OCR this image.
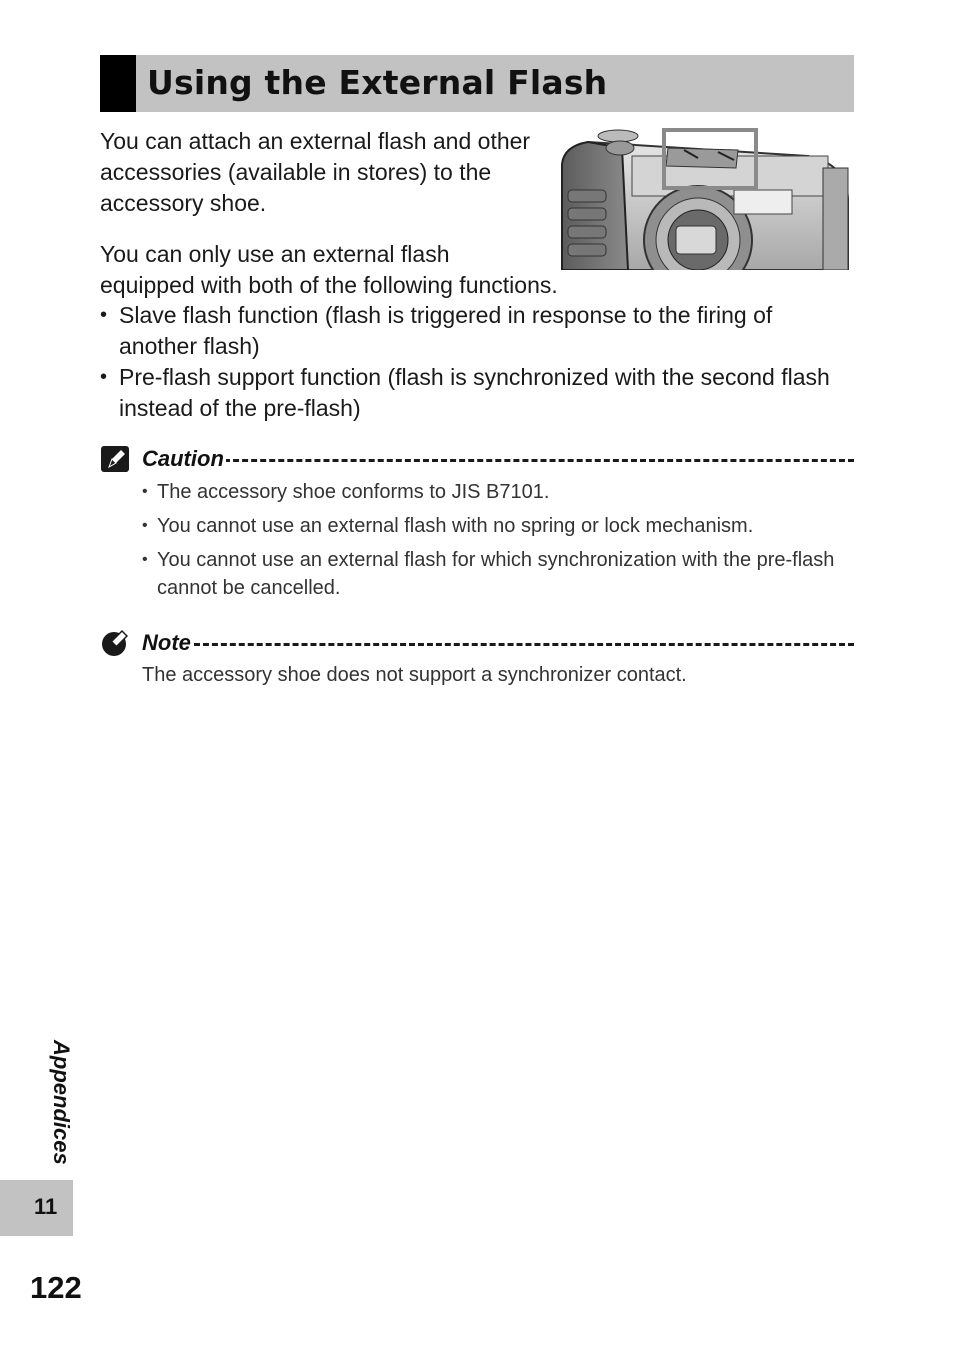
Using the External Flash

You can attach an external flash and other accessories (available in stores) to the accessory shoe.

You can only use an external flash
equipped with both of the following functions.

• Slave flash function (flash is triggered in response to the firing of another flash)
• Pre-flash support function (flash is synchronized with the second flash instead of the pre-flash)
Caution
• The accessory shoe conforms to JIS B7101.
• You cannot use an external flash with no spring or lock mechanism.
• You cannot use an external flash for which synchronization with the pre-flash cannot be cancelled.
Note

The accessory shoe does not support a synchronizer contact.

Appendices
11
122
